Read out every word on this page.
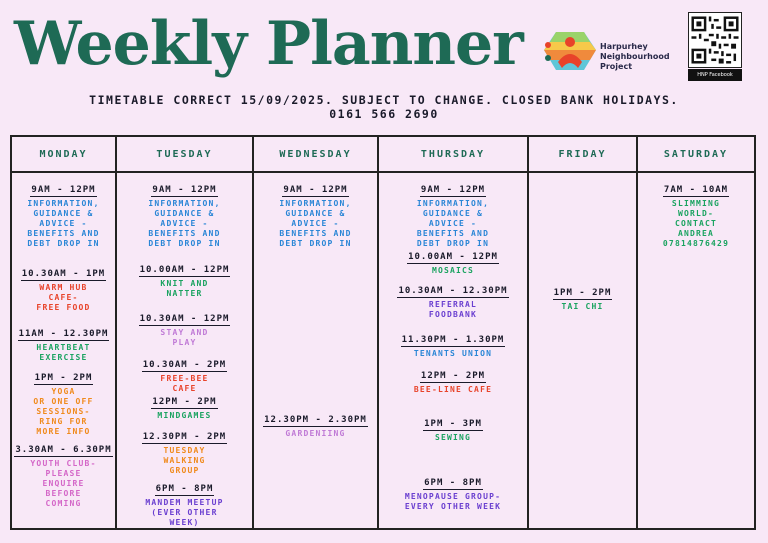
Weekly Planner	Harpurhey Neighbourhood Project
HNP Facebook
TIMETABLE CORRECT 15/09/2025. SUBJECT TO CHANGE. CLOSED BANK HOLIDAYS.
0161 566 2690
MONDAY
9AM - 12PM
INFORMATION,
GUIDANCE &
ADVICE -
BENEFITS AND
DEBT DROP IN
10.30AM - 1PM
WARM HUB
CAFE-
FREE FOOD
11AM - 12.30PM
HEARTBEAT
EXERCISE
1PM - 2PM
YOGA
OR ONE OFF
SESSIONS-
RING FOR
MORE INFO
3.30AM - 6.30PM
YOUTH CLUB-
PLEASE
ENQUIRE
BEFORE
COMING
TUESDAY
9AM - 12PM
INFORMATION,
GUIDANCE &
ADVICE -
BENEFITS AND
DEBT DROP IN
10.00AM - 12PM
KNIT AND
NATTER
10.30AM - 12PM
STAY AND
PLAY
10.30AM - 2PM
FREE-BEE
CAFE
12PM - 2PM
MINDGAMES
12.30PM - 2PM
TUESDAY
WALKING
GROUP
6PM - 8PM
MANDEM MEETUP
(EVER OTHER
WEEK)
WEDNESDAY
9AM - 12PM
INFORMATION,
GUIDANCE &
ADVICE -
BENEFITS AND
DEBT DROP IN
12.30PM - 2.30PM
GARDENIING
THURSDAY
9AM - 12PM
INFORMATION,
GUIDANCE &
ADVICE -
BENEFITS AND
DEBT DROP IN
10.00AM - 12PM
MOSAICS
10.30AM - 12.30PM
REFERRAL
FOODBANK
11.30PM - 1.30PM
TENANTS UNION
12PM - 2PM
BEE-LINE CAFE
1PM - 3PM
SEWING
6PM - 8PM
MENOPAUSE GROUP-
EVERY OTHER WEEK
FRIDAY
1PM - 2PM
TAI CHI
SATURDAY
7AM - 10AM
SLIMMING
WORLD-
CONTACT
ANDREA
07814876429
